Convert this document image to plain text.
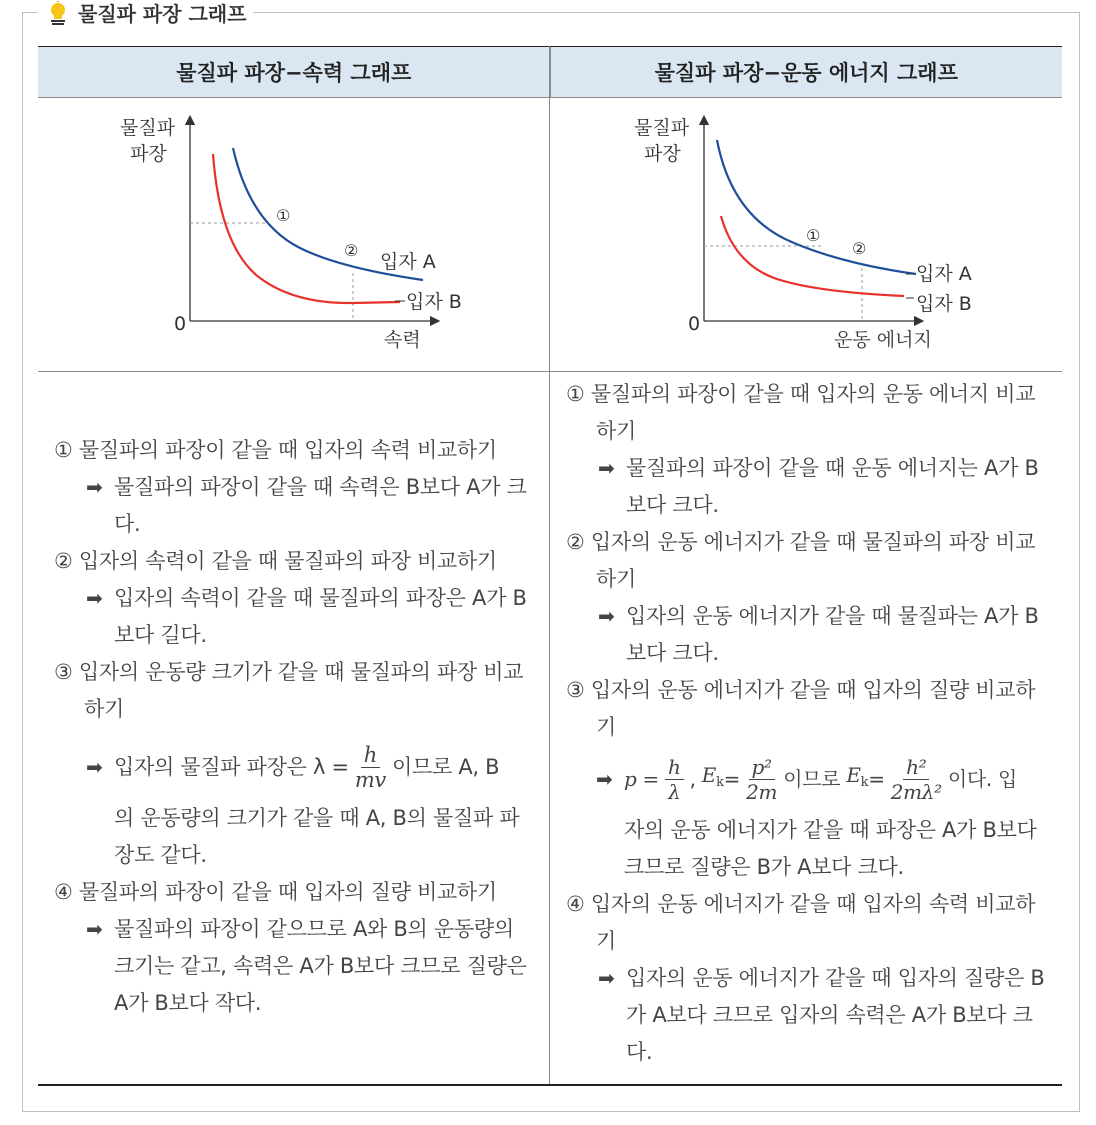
물질파 파장 그래프
물질파 파장−속력 그래프	물질파 파장−운동 에너지 그래프
물질파
파장
0
속력
①
②
입자 A
입자 B
물질파
파장
0
운동 에너지
①
②
입자 A
입자 B

① 물질파의 파장이 같을 때 입자의 속력 비교하기

➡ 물질파의 파장이 같을 때 속력은 B보다 A가 크다.

② 입자의 속력이 같을 때 물질파의 파장 비교하기

➡ 입자의 속력이 같을 때 물질파의 파장은 A가 B보다 길다.

③ 입자의 운동량 크기가 같을 때 물질파의 파장 비교하기

➡ 입자의 물질파 파장은 $\lambda = \frac{h}{mv}$ 이므로 A, B

의 운동량의 크기가 같을 때 A, B의 물질파 파장도 같다.

④ 물질파의 파장이 같을 때 입자의 질량 비교하기

➡ 물질파의 파장이 같으므로 A와 B의 운동량의 크기는 같고, 속력은 A가 B보다 크므로 질량은 A가 B보다 작다.

① 물질파의 파장이 같을 때 입자의 운동 에너지 비교하기

➡ 물질파의 파장이 같을 때 운동 에너지는 A가 B보다 크다.

② 입자의 운동 에너지가 같을 때 물질파의 파장 비교하기

➡ 입자의 운동 에너지가 같을 때 물질파는 A가 B보다 크다.

③ 입자의 운동 에너지가 같을 때 입자의 질량 비교하기

➡ $p = \frac{h}{\lambda}$ , $E_k = \frac{\text{p²}}{2m}$ 이므로
$E_k = \frac{\text{h²}}{\text{2mλ²}}$ 이다. 입

자의 운동 에너지가 같을 때 파장은 A가 B보다 크므로 질량은 B가 A보다 크다.

④ 입자의 운동 에너지가 같을 때 입자의 속력 비교하기

➡ 입자의 운동 에너지가 같을 때 입자의 질량은 B가 A보다 크므로 입자의 속력은 A가 B보다 크다.
